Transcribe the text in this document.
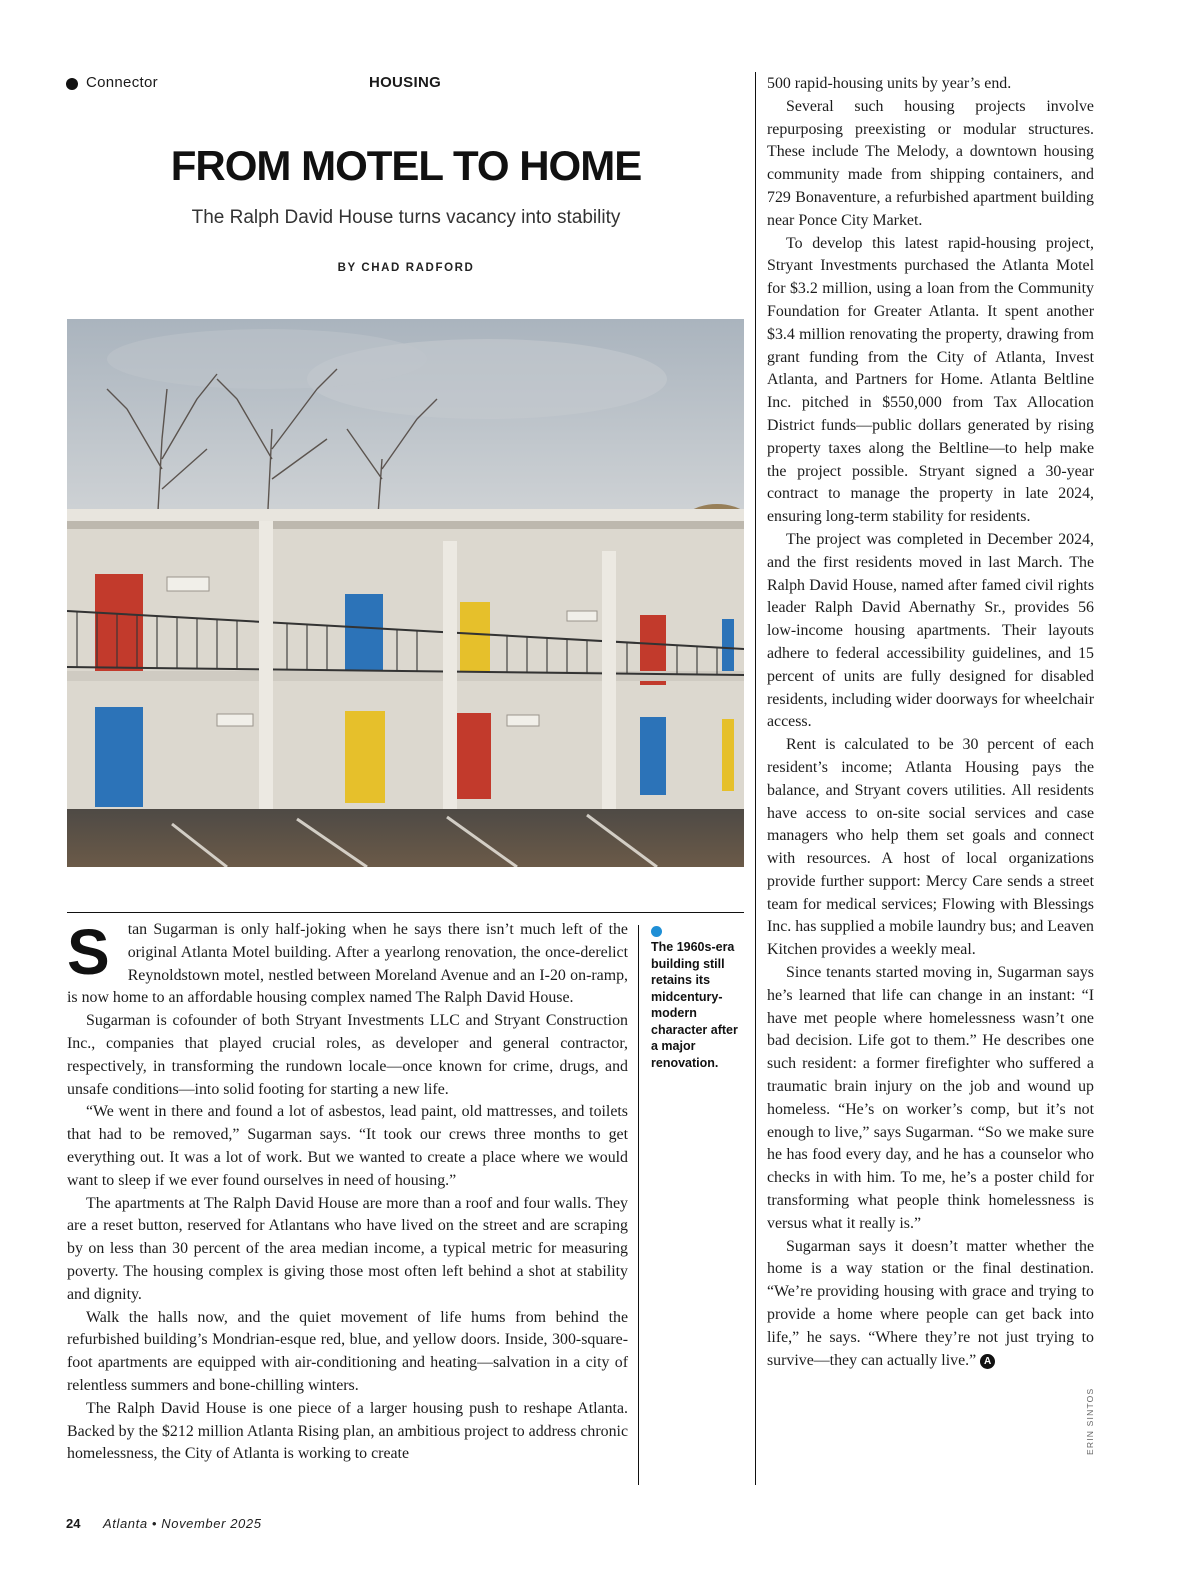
Connector	HOUSING
FROM MOTEL TO HOME
The Ralph David House turns vacancy into stability
BY CHAD RADFORD

S tan Sugarman is only half-joking when he says there isn’t much left of the original Atlanta Motel building. After a yearlong renovation, the once-derelict Reynoldstown motel, nestled between Moreland Avenue and an I-20 on-ramp, is now home to an affordable housing complex named The Ralph David House.

Sugarman is cofounder of both Stryant Investments LLC and Stryant Construction Inc., companies that played crucial roles, as developer and general contractor, respectively, in transforming the rundown locale—once known for crime, drugs, and unsafe conditions—into solid footing for starting a new life.

“We went in there and found a lot of asbestos, lead paint, old mattresses, and toilets that had to be removed,” Sugarman says. “It took our crews three months to get everything out. It was a lot of work. But we wanted to create a place where we would want to sleep if we ever found ourselves in need of housing.”

The apartments at The Ralph David House are more than a roof and four walls. They are a reset button, reserved for Atlantans who have lived on the street and are scraping by on less than 30 percent of the area median income, a typical metric for measuring poverty. The housing complex is giving those most often left behind a shot at stability and dignity.

Walk the halls now, and the quiet movement of life hums from behind the refurbished building’s Mondrian-esque red, blue, and yellow doors. Inside, 300-square-foot apartments are equipped with air-conditioning and heating—salvation in a city of relentless summers and bone-chilling winters.

The Ralph David House is one piece of a larger housing push to reshape Atlanta. Backed by the $212 million Atlanta Rising plan, an ambitious project to address chronic homelessness, the City of Atlanta is working to create

The 1960s-era building still retains its midcentury-modern character after a major renovation.

500 rapid-housing units by year’s end.

Several such housing projects involve repurposing preexisting or modular structures. These include The Melody, a downtown housing community made from shipping containers, and 729 Bonaventure, a refurbished apartment building near Ponce City Market.

To develop this latest rapid-housing project, Stryant Investments purchased the Atlanta Motel for $3.2 million, using a loan from the Community Foundation for Greater Atlanta. It spent another $3.4 million renovating the property, drawing from grant funding from the City of Atlanta, Invest Atlanta, and Partners for Home. Atlanta Beltline Inc. pitched in $550,000 from Tax Allocation District funds—public dollars generated by rising property taxes along the Beltline—to help make the project possible. Stryant signed a 30-year contract to manage the property in late 2024, ensuring long-term stability for residents.

The project was completed in December 2024, and the first residents moved in last March. The Ralph David House, named after famed civil rights leader Ralph David Abernathy Sr., provides 56 low-income housing apartments. Their layouts adhere to federal accessibility guidelines, and 15 percent of units are fully designed for disabled residents, including wider doorways for wheelchair access.

Rent is calculated to be 30 percent of each resident’s income; Atlanta Housing pays the balance, and Stryant covers utilities. All residents have access to on-site social services and case managers who help them set goals and connect with resources. A host of local organizations provide further support: Mercy Care sends a street team for medical services; Flowing with Blessings Inc. has supplied a mobile laundry bus; and Leaven Kitchen provides a weekly meal.

Since tenants started moving in, Sugarman says he’s learned that life can change in an instant: “I have met people where homelessness wasn’t one bad decision. Life got to them.” He describes one such resident: a former firefighter who suffered a traumatic brain injury on the job and wound up homeless. “He’s on worker’s comp, but it’s not enough to live,” says Sugarman. “So we make sure he has food every day, and he has a counselor who checks in with him. To me, he’s a poster child for transforming what people think homelessness is versus what it really is.”

Sugarman says it doesn’t matter whether the home is a way station or the final destination. “We’re providing housing with grace and trying to provide a home where people can get back into life,” he says. “Where they’re not just trying to survive—they can actually live.” A

ERIN SINTOS
24 Atlanta • November 2025
